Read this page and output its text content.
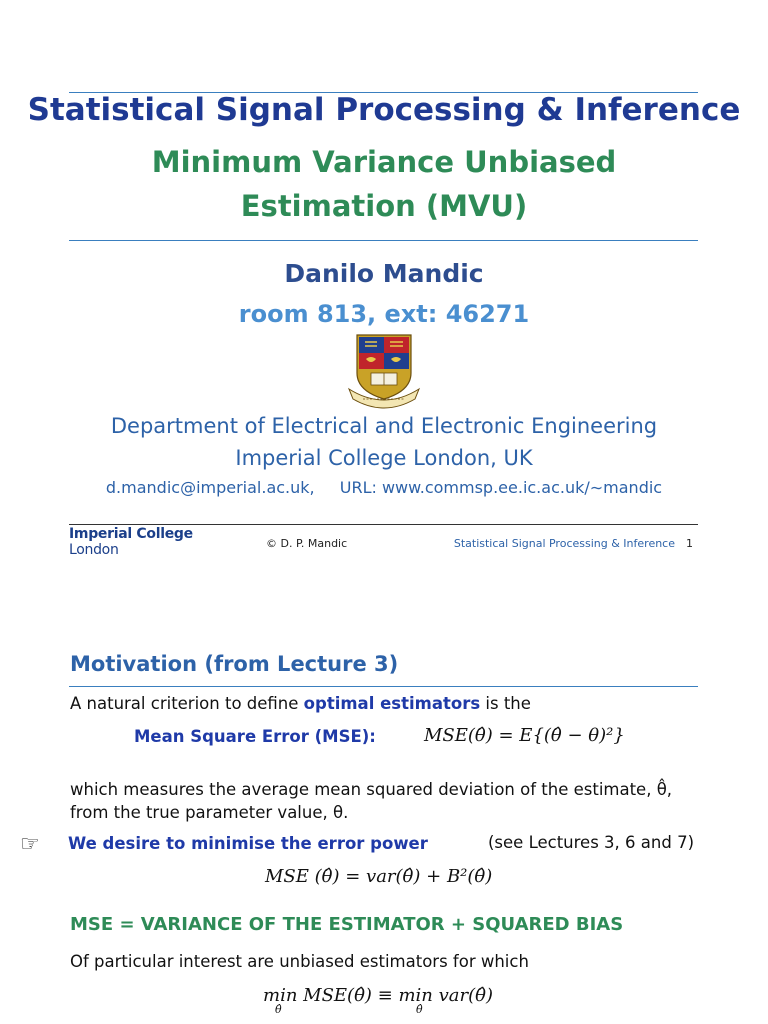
Statistical Signal Processing & Inference
Minimum Variance Unbiased
Estimation (MVU)
Danilo Mandic
room 813, ext: 46271
Department of Electrical and Electronic Engineering
Imperial College London, UK
d.mandic@imperial.ac.uk, URL: www.commsp.ee.ic.ac.uk/∼mandic
Imperial College
London	© D. P. Mandic	Statistical Signal Processing & Inference 1
Motivation (from Lecture 3)
A natural criterion to define optimal estimators is the
Mean Square Error (MSE):	MSE(θ̂) = E{(θ̂ − θ)²}
which measures the average mean squared deviation of the estimate, θ̂,
from the true parameter value, θ.
☞ We desire to minimise the error power	(see Lectures 3, 6 and 7)
MSE (θ̂) = var(θ̂) + B²(θ̂)
MSE = VARIANCE OF THE ESTIMATOR + SQUARED BIAS
Of particular interest are unbiased estimators for which
min MSE(θ̂) ≡ min var(θ̂)
θ̂	θ̂
